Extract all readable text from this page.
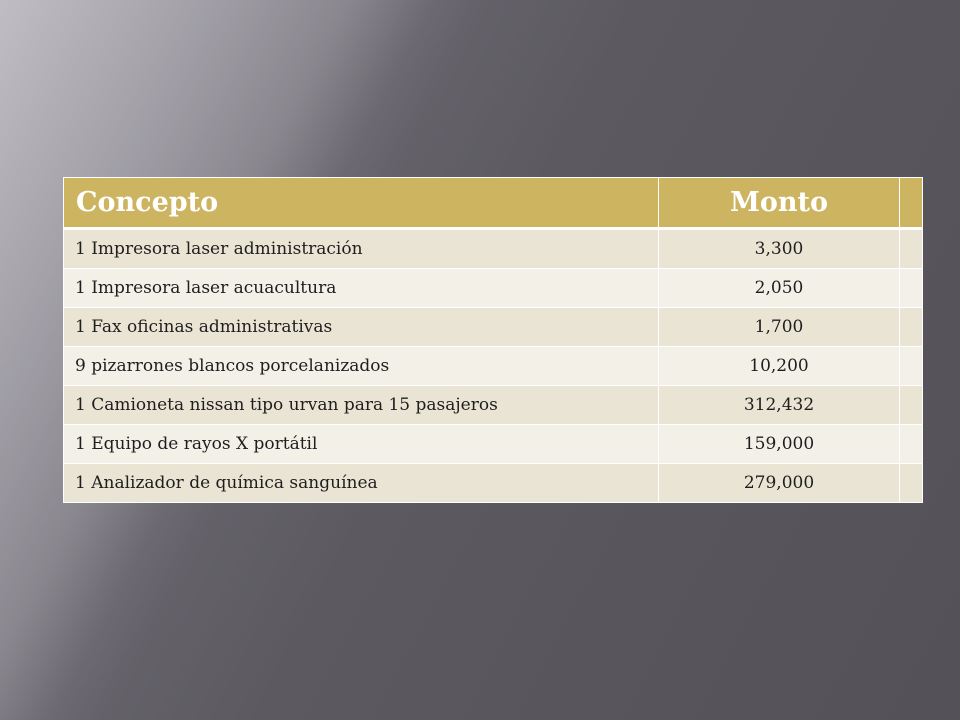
Concepto	Monto	
1 Impresora laser administración	3,300	
1 Impresora laser acuacultura	2,050	
1 Fax oficinas administrativas	1,700	
9 pizarrones blancos porcelanizados	10,200	
1 Camioneta nissan tipo urvan para 15 pasajeros	312,432	
1 Equipo de rayos X portátil	159,000	
1 Analizador de química sanguínea	279,000	
